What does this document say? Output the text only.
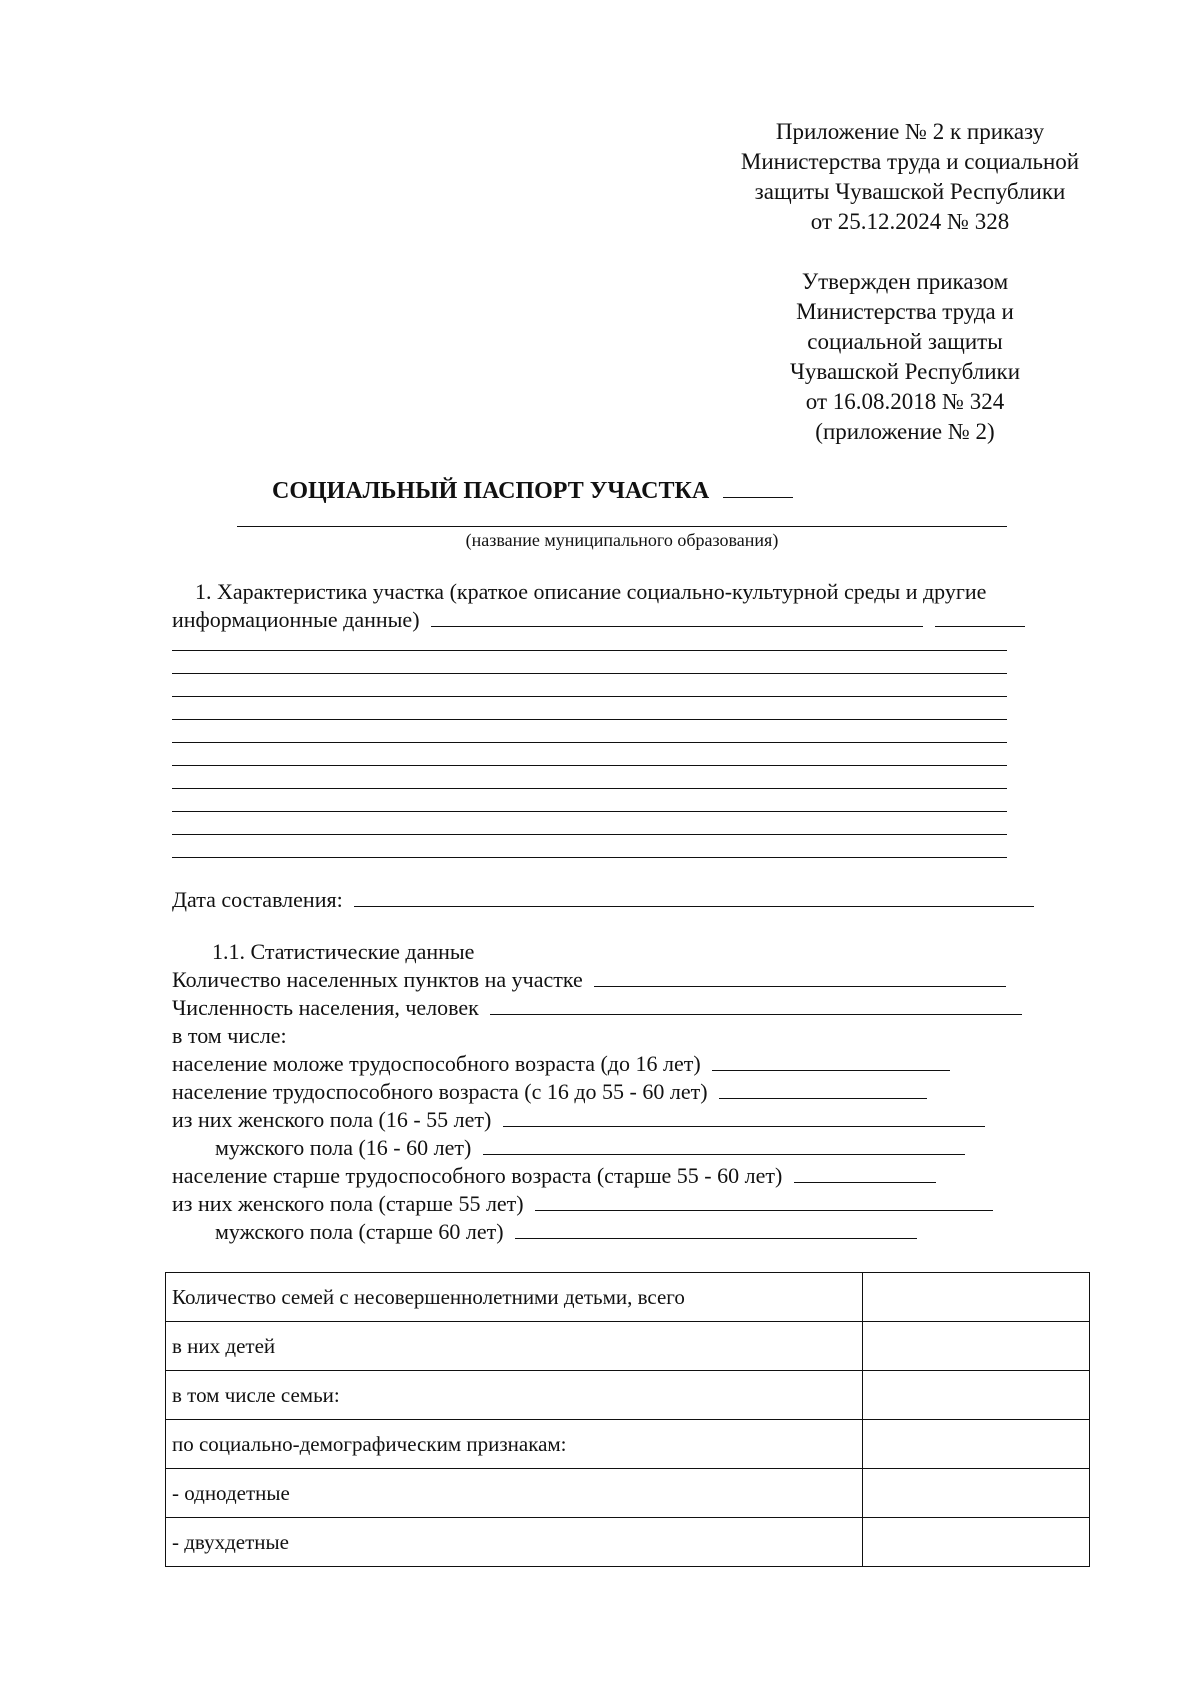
Приложение № 2 к приказу
Министерства труда и социальной
защиты Чувашской Республики
от 25.12.2024 № 328
Утвержден приказом
Министерства труда и
социальной защиты
Чувашской Республики
от 16.08.2018 № 324
(приложение № 2)
СОЦИАЛЬНЫЙ ПАСПОРТ УЧАСТКА
(название муниципального образования)
1. Характеристика участка (краткое описание социально-культурной среды и другие
информационные данные)
Дата составления:
1.1. Статистические данные
Количество населенных пунктов на участке
Численность населения, человек
в том числе:
население моложе трудоспособного возраста (до 16 лет)
население трудоспособного возраста (с 16 до 55 - 60 лет)
из них женского пола (16 - 55 лет)
мужского пола (16 - 60 лет)
население старше трудоспособного возраста (старше 55 - 60 лет)
из них женского пола (старше 55 лет)
мужского пола (старше 60 лет)
Количество семей с несовершеннолетними детьми, всего	
в них детей	
в том числе семьи:	
по социально-демографическим признакам:	
- однодетные	
- двухдетные	
